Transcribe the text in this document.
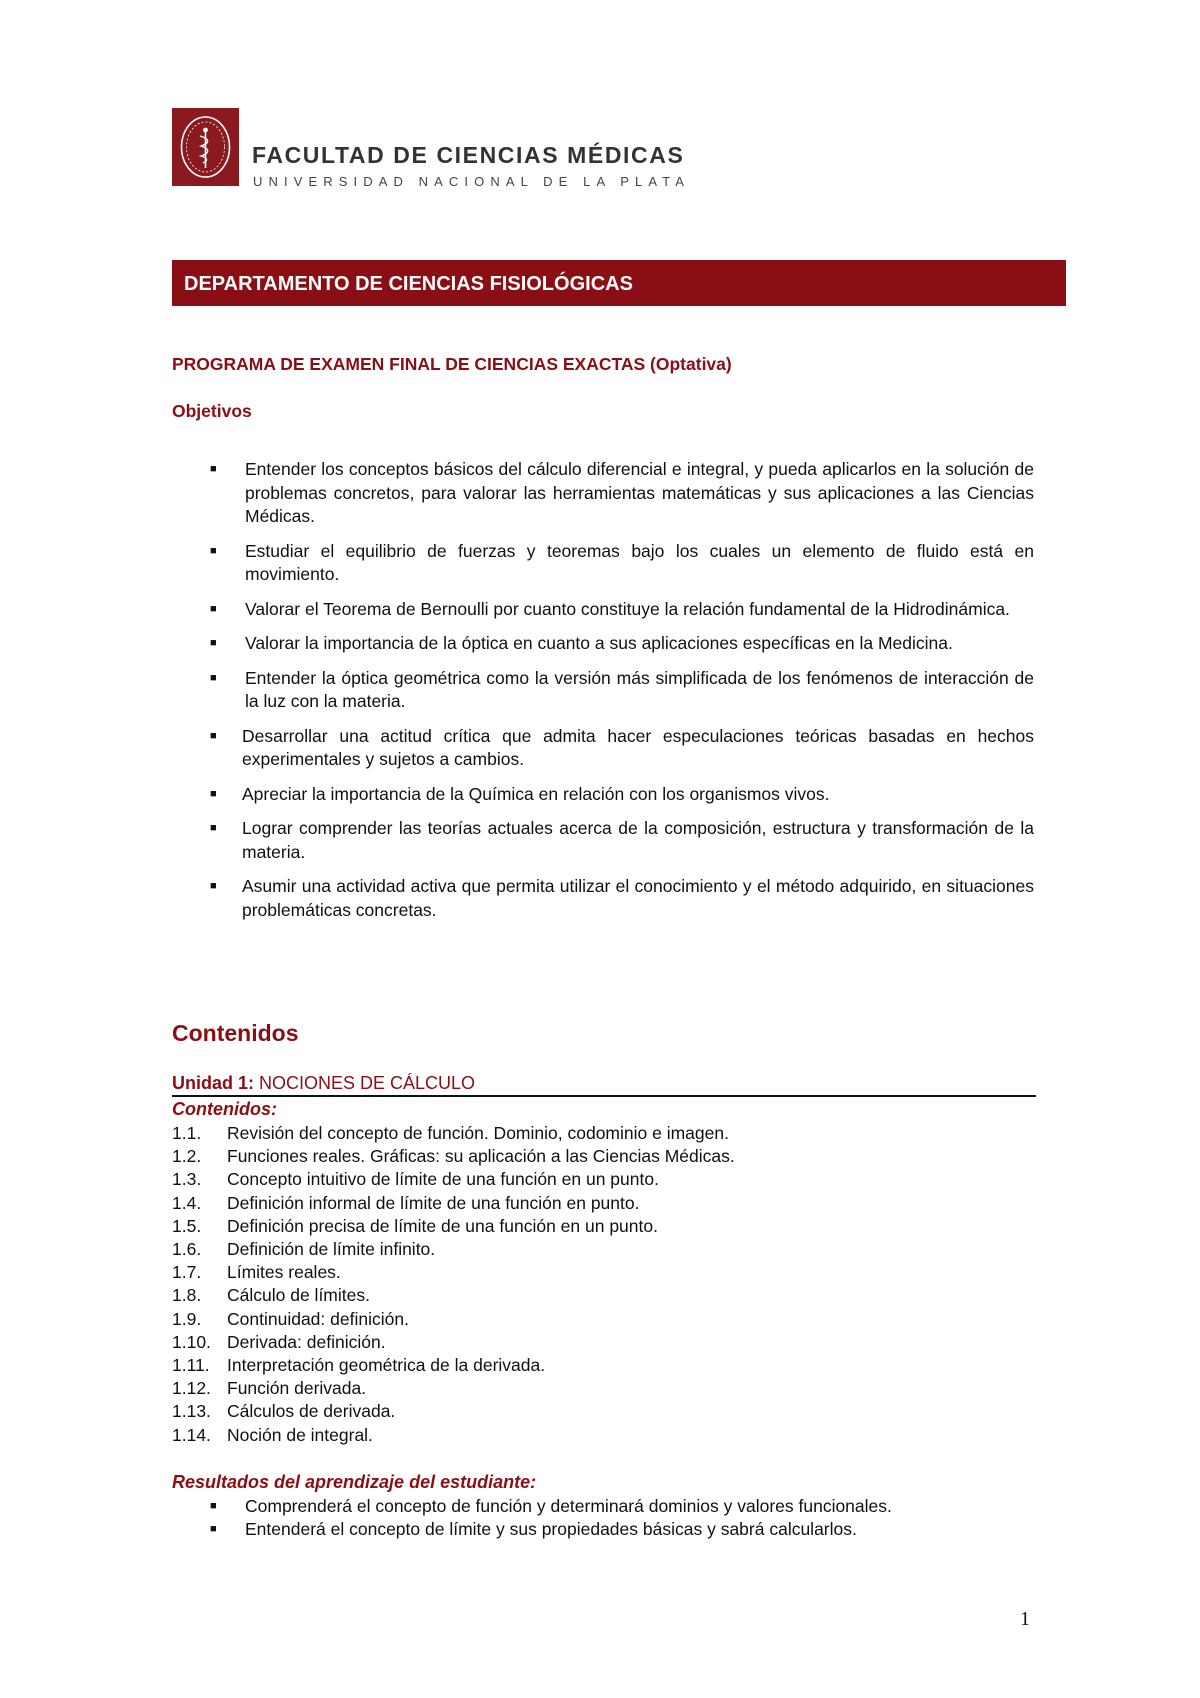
FACULTAD DE CIENCIAS MÉDICAS
UNIVERSIDAD NACIONAL DE LA PLATA
DEPARTAMENTO DE CIENCIAS FISIOLÓGICAS
PROGRAMA DE EXAMEN FINAL DE CIENCIAS EXACTAS (Optativa)
Objetivos
■ Entender los conceptos básicos del cálculo diferencial e integral, y pueda aplicarlos en la solución de problemas concretos, para valorar las herramientas matemáticas y sus aplicaciones a las Ciencias Médicas.
■ Estudiar el equilibrio de fuerzas y teoremas bajo los cuales un elemento de fluido está en movimiento.
■ Valorar el Teorema de Bernoulli por cuanto constituye la relación fundamental de la Hidrodinámica.
■ Valorar la importancia de la óptica en cuanto a sus aplicaciones específicas en la Medicina.
■ Entender la óptica geométrica como la versión más simplificada de los fenómenos de interacción de la luz con la materia.
■ Desarrollar una actitud crítica que admita hacer especulaciones teóricas basadas en hechos experimentales y sujetos a cambios.
■ Apreciar la importancia de la Química en relación con los organismos vivos.
■ Lograr comprender las teorías actuales acerca de la composición, estructura y transformación de la materia.
■ Asumir una actividad activa que permita utilizar el conocimiento y el método adquirido, en situaciones problemáticas concretas.
Contenidos
Unidad 1: NOCIONES DE CÁLCULO
Contenidos:
1.1.	Revisión del concepto de función. Dominio, codominio e imagen.
1.2.	Funciones reales. Gráficas: su aplicación a las Ciencias Médicas.
1.3.	Concepto intuitivo de límite de una función en un punto.
1.4.	Definición informal de límite de una función en punto.
1.5.	Definición precisa de límite de una función en un punto.
1.6.	Definición de límite infinito.
1.7.	Límites reales.
1.8.	Cálculo de límites.
1.9.	Continuidad: definición.
1.10. Derivada: definición.
1.11. Interpretación geométrica de la derivada.
1.12. Función derivada.
1.13. Cálculos de derivada.
1.14. Noción de integral.
Resultados del aprendizaje del estudiante:
■ Comprenderá el concepto de función y determinará dominios y valores funcionales.
■ Entenderá el concepto de límite y sus propiedades básicas y sabrá calcularlos.
1
